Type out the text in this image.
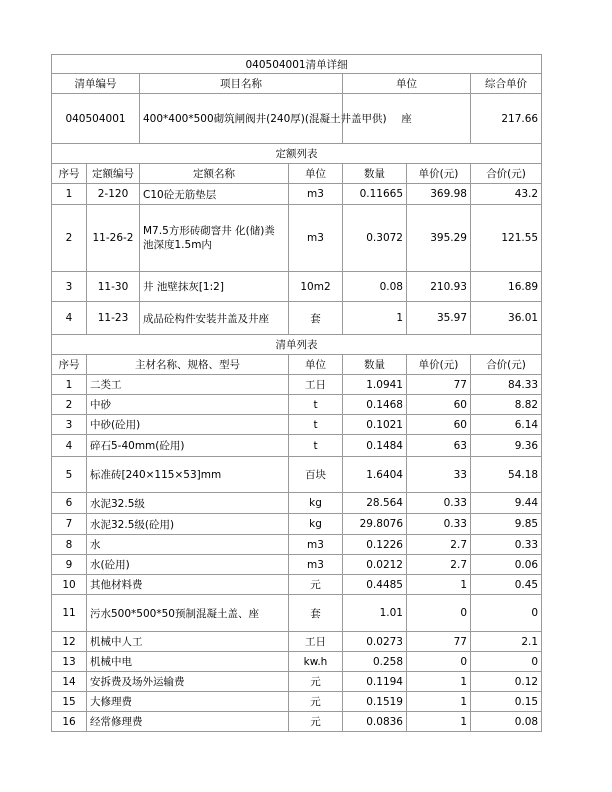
040504001清单详细						
清单编号		项目名称		单位		综合单价
040504001		400*400*500砌筑闸阀井(240厚)(混凝土井盖甲供)		座		217.66
定额列表						
序号	定额编号	定额名称	单位	数量	单价(元)	合价(元)
1	2-120	C10砼无筋垫层	m3	0.11665	369.98	43.2
2	11-26-2	M7.5方形砖砌窨井 化(储)粪池深度1.5m内	m3	0.3072	395.29	121.55
3	11-30	井 池壁抹灰[1:2]	10m2	0.08	210.93	16.89
4	11-23	成品砼构件安装井盖及井座	套	1	35.97	36.01
清单列表						
序号	主材名称、规格、型号		单位	数量	单价(元)	合价(元)
1	二类工		工日	1.0941	77	84.33
2	中砂		t	0.1468	60	8.82
3	中砂(砼用)		t	0.1021	60	6.14
4	碎石5-40mm(砼用)		t	0.1484	63	9.36
5	标准砖[240×115×53]mm		百块	1.6404	33	54.18
6	水泥32.5级		kg	28.564	0.33	9.44
7	水泥32.5级(砼用)		kg	29.8076	0.33	9.85
8	水		m3	0.1226	2.7	0.33
9	水(砼用)		m3	0.0212	2.7	0.06
10	其他材料费		元	0.4485	1	0.45
11	污水500*500*50预制混凝土盖、座		套	1.01	0	0
12	机械中人工		工日	0.0273	77	2.1
13	机械中电		kw.h	0.258	0	0
14	安拆费及场外运输费		元	0.1194	1	0.12
15	大修理费		元	0.1519	1	0.15
16	经常修理费		元	0.0836	1	0.08
